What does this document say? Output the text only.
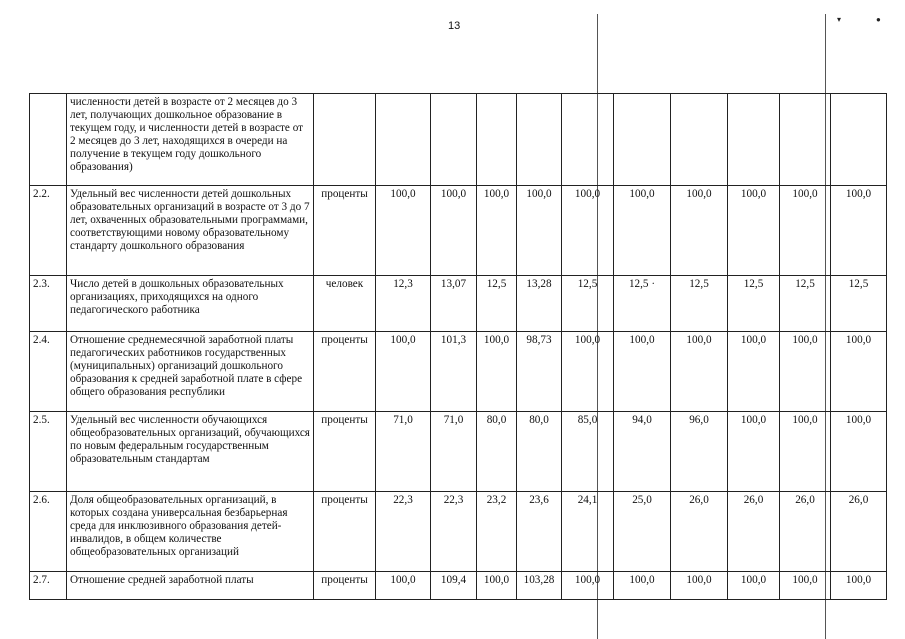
13
▾	●
	численности детей в возрасте от 2 месяцев до 3 лет, получающих дошкольное образование в текущем году, и численности детей в возрасте от 2 месяцев до 3 лет, находящихся в очереди на получение в текущем году дошкольного образования)											
2.2.	Удельный вес численности детей дошкольных образовательных организаций в возрасте от 3 до 7 лет, охваченных образовательными программами, соответствующими новому образовательному стандарту дошкольного образования	проценты	100,0	100,0	100,0	100,0	100,0	100,0	100,0	100,0	100,0	100,0
2.3.	Число детей в дошкольных образовательных организациях, приходящихся на одного педагогического работника	человек	12,3	13,07	12,5	13,28	12,5	12,5 ·	12,5	12,5	12,5	12,5
2.4.	Отношение среднемесячной заработной платы педагогических работников государственных (муниципальных) организаций дошкольного образования к средней заработной плате в сфере общего образования республики	проценты	100,0	101,3	100,0	98,73	100,0	100,0	100,0	100,0	100,0	100,0
2.5.	Удельный вес численности обучающихся общеобразовательных организаций, обучающихся по новым федеральным государственным образовательным стандартам	проценты	71,0	71,0	80,0	80,0	85,0	94,0	96,0	100,0	100,0	100,0
2.6.	Доля общеобразовательных организаций, в которых создана универсальная безбарьерная среда для инклюзивного образования детей-инвалидов, в общем количестве общеобразовательных организаций	проценты	22,3	22,3	23,2	23,6	24,1	25,0	26,0	26,0	26,0	26,0
2.7.	Отношение средней заработной платы	проценты	100,0	109,4	100,0	103,28	100,0	100,0	100,0	100,0	100,0	100,0
